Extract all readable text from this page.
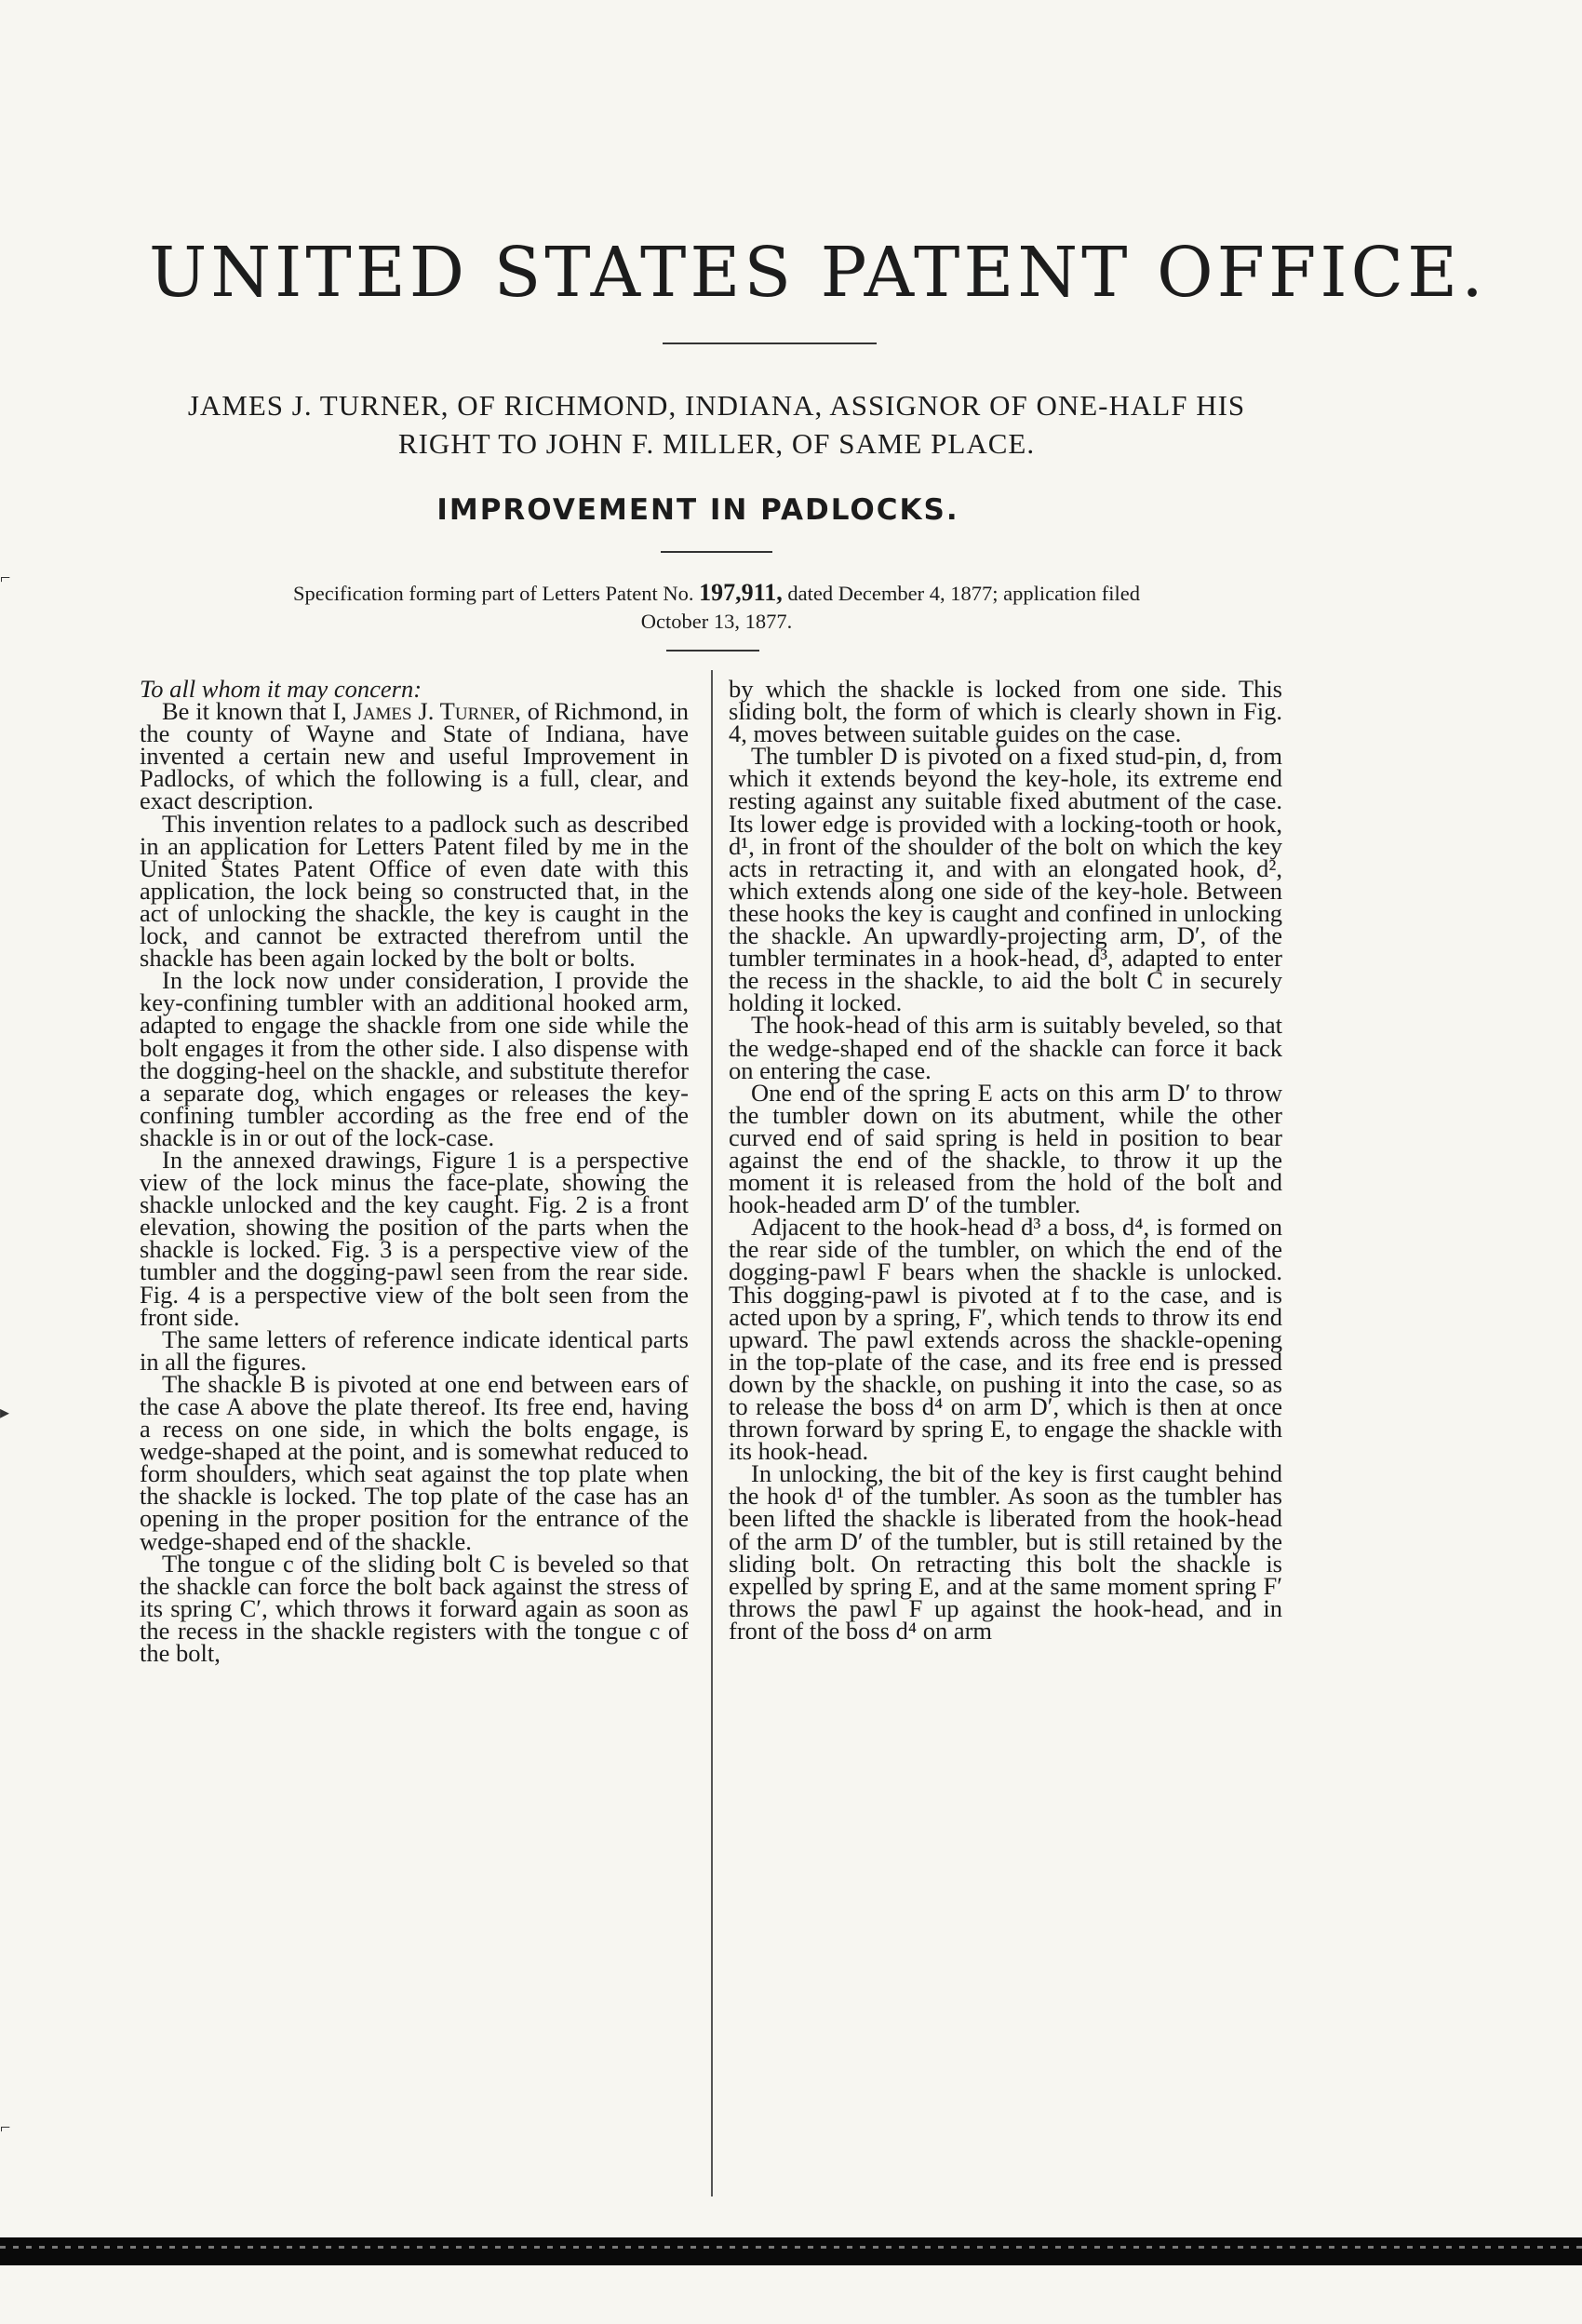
UNITED STATES PATENT OFFICE.
JAMES J. TURNER, OF RICHMOND, INDIANA, ASSIGNOR OF ONE-HALF HIS
RIGHT TO JOHN F. MILLER, OF SAME PLACE.
IMPROVEMENT IN PADLOCKS.
Specification forming part of Letters Patent No. 197,911, dated December 4, 1877; application filed
October 13, 1877.

To all whom it may concern:

Be it known that I, James J. Turner, of Richmond, in the county of Wayne and State of Indiana, have invented a certain new and useful Improvement in Padlocks, of which the following is a full, clear, and exact description.

This invention relates to a padlock such as described in an application for Letters Patent filed by me in the United States Patent Office of even date with this application, the lock being so constructed that, in the act of unlocking the shackle, the key is caught in the lock, and cannot be extracted therefrom until the shackle has been again locked by the bolt or bolts.

In the lock now under consideration, I provide the key-confining tumbler with an additional hooked arm, adapted to engage the shackle from one side while the bolt engages it from the other side. I also dispense with the dogging-heel on the shackle, and substitute therefor a separate dog, which engages or releases the key-confining tumbler according as the free end of the shackle is in or out of the lock-case.

In the annexed drawings, Figure 1 is a perspective view of the lock minus the face-plate, showing the shackle unlocked and the key caught. Fig. 2 is a front elevation, showing the position of the parts when the shackle is locked. Fig. 3 is a perspective view of the tumbler and the dogging-pawl seen from the rear side. Fig. 4 is a perspective view of the bolt seen from the front side.

The same letters of reference indicate identical parts in all the figures.

The shackle B is pivoted at one end between ears of the case A above the plate thereof. Its free end, having a recess on one side, in which the bolts engage, is wedge-shaped at the point, and is somewhat reduced to form shoulders, which seat against the top plate when the shackle is locked. The top plate of the case has an opening in the proper position for the entrance of the wedge-shaped end of the shackle.

The tongue c of the sliding bolt C is beveled so that the shackle can force the bolt back against the stress of its spring C′, which throws it forward again as soon as the recess in the shackle registers with the tongue c of the bolt,

by which the shackle is locked from one side. This sliding bolt, the form of which is clearly shown in Fig. 4, moves between suitable guides on the case.

The tumbler D is pivoted on a fixed stud-pin, d, from which it extends beyond the key-hole, its extreme end resting against any suitable fixed abutment of the case. Its lower edge is provided with a locking-tooth or hook, d¹, in front of the shoulder of the bolt on which the key acts in retracting it, and with an elongated hook, d², which extends along one side of the key-hole. Between these hooks the key is caught and confined in unlocking the shackle. An upwardly-projecting arm, D′, of the tumbler terminates in a hook-head, d³, adapted to enter the recess in the shackle, to aid the bolt C in securely holding it locked.

The hook-head of this arm is suitably beveled, so that the wedge-shaped end of the shackle can force it back on entering the case.

One end of the spring E acts on this arm D′ to throw the tumbler down on its abutment, while the other curved end of said spring is held in position to bear against the end of the shackle, to throw it up the moment it is released from the hold of the bolt and hook-headed arm D′ of the tumbler.

Adjacent to the hook-head d³ a boss, d⁴, is formed on the rear side of the tumbler, on which the end of the dogging-pawl F bears when the shackle is unlocked. This dogging-pawl is pivoted at f to the case, and is acted upon by a spring, F′, which tends to throw its end upward. The pawl extends across the shackle-opening in the top-plate of the case, and its free end is pressed down by the shackle, on pushing it into the case, so as to release the boss d⁴ on arm D′, which is then at once thrown forward by spring E, to engage the shackle with its hook-head.

In unlocking, the bit of the key is first caught behind the hook d¹ of the tumbler. As soon as the tumbler has been lifted the shackle is liberated from the hook-head of the arm D′ of the tumbler, but is still retained by the sliding bolt. On retracting this bolt the shackle is expelled by spring E, and at the same moment spring F′ throws the pawl F up against the hook-head, and in front of the boss d⁴ on arm

⌐
▸
⌐
